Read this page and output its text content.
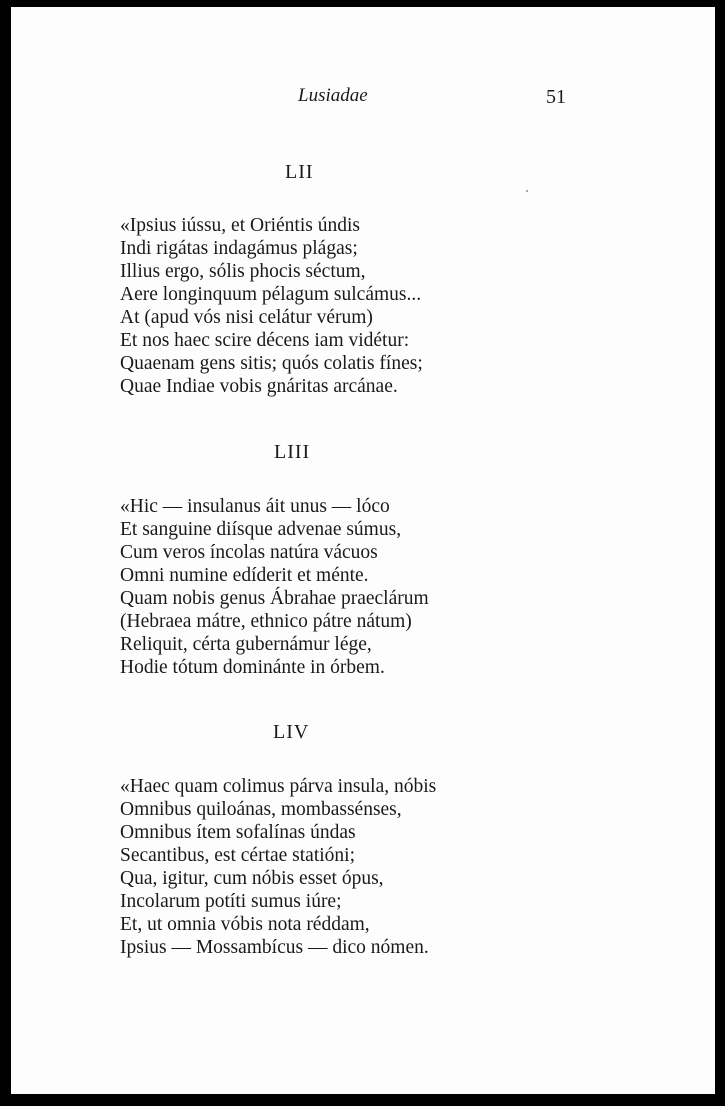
Lusiadae	51
LII
«Ipsius iússu, et Oriéntis úndis
Indi rigátas indagámus plágas;
Illius ergo, sólis phocis séctum,
Aere longinquum pélagum sulcámus...
At (apud vós nisi celátur vérum)
Et nos haec scire décens iam vidétur:
Quaenam gens sitis; quós colatis fínes;
Quae Indiae vobis gnáritas arcánae.
LIII
«Hic — insulanus áit unus — lóco
Et sanguine diísque advenae súmus,
Cum veros íncolas natúra vácuos
Omni numine edíderit et ménte.
Quam nobis genus Ábrahae praeclárum
(Hebraea mátre, ethnico pátre nátum)
Reliquit, cérta gubernámur lége,
Hodie tótum dominánte in órbem.
LIV
«Haec quam colimus párva insula, nóbis
Omnibus quiloánas, mombassénses,
Omnibus ítem sofalínas úndas
Secantibus, est cértae statióni;
Qua, igitur, cum nóbis esset ópus,
Incolarum potíti sumus iúre;
Et, ut omnia vóbis nota réddam,
Ipsius — Mossambícus — dico nómen.
